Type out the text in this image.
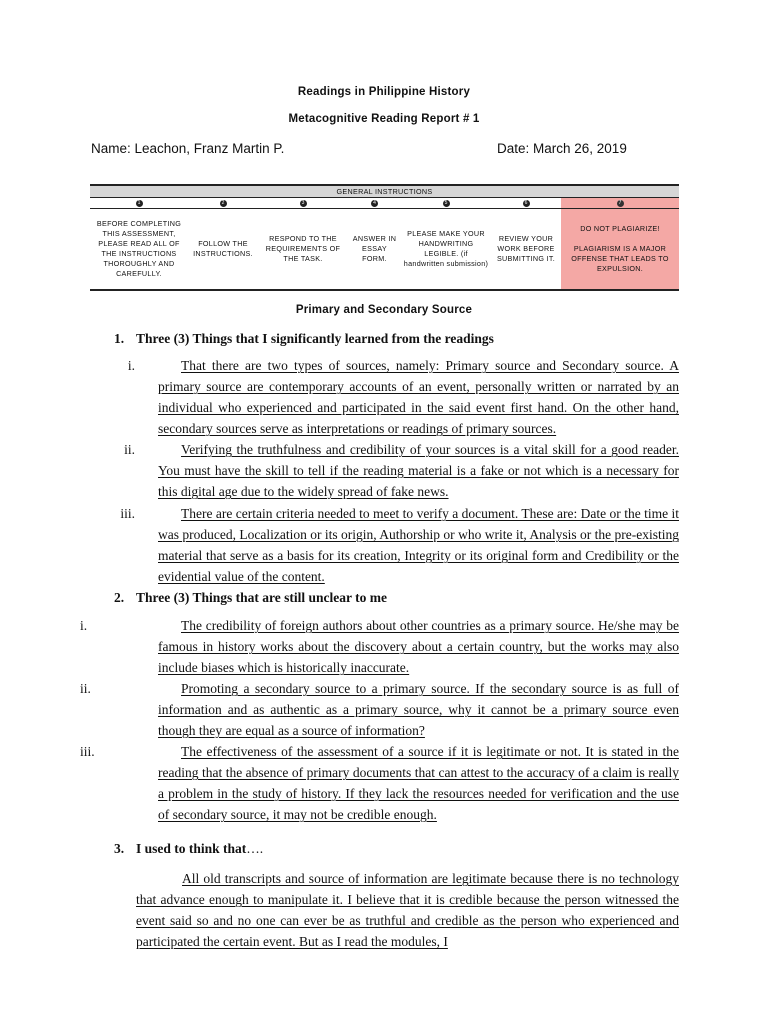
Readings in Philippine History
Metacognitive Reading Report # 1
Name: Leachon, Franz Martin P.	Date: March 26, 2019
GENERAL INSTRUCTIONS						
1	2	3	4	5	6	7
BEFORE COMPLETING THIS ASSESSMENT, PLEASE READ ALL OF THE INSTRUCTIONS THOROUGHLY AND CAREFULLY.	FOLLOW THE INSTRUCTIONS.	RESPOND TO THE REQUIREMENTS OF THE TASK.	ANSWER IN ESSAY FORM.	PLEASE MAKE YOUR HANDWRITING LEGIBLE. (if handwritten submission)	REVIEW YOUR WORK BEFORE SUBMITTING IT.	DO NOT PLAGIARIZE!
PLAGIARISM IS A MAJOR OFFENSE THAT LEADS TO EXPULSION.
Primary and Secondary Source
1. Three (3) Things that I significantly learned from the readings
i.	That there are two types of sources, namely: Primary source and Secondary source. A primary source are contemporary accounts of an event, personally written or narrated by an individual who experienced and participated in the said event first hand. On the other hand, secondary sources serve as interpretations or readings of primary sources.
ii.	Verifying the truthfulness and credibility of your sources is a vital skill for a good reader. You must have the skill to tell if the reading material is a fake or not which is a necessary for this digital age due to the widely spread of fake news.
iii.	There are certain criteria needed to meet to verify a document. These are: Date or the time it was produced, Localization or its origin, Authorship or who write it, Analysis or the pre-existing material that serve as a basis for its creation, Integrity or its original form and Credibility or the evidential value of the content.
2. Three (3) Things that are still unclear to me
i.	The credibility of foreign authors about other countries as a primary source. He/she may be famous in history works about the discovery about a certain country, but the works may also include biases which is historically inaccurate.
ii.	Promoting a secondary source to a primary source. If the secondary source is as full of information and as authentic as a primary source, why it cannot be a primary source even though they are equal as a source of information?
iii.	The effectiveness of the assessment of a source if it is legitimate or not. It is stated in the reading that the absence of primary documents that can attest to the accuracy of a claim is really a problem in the study of history. If they lack the resources needed for verification and the use of secondary source, it may not be credible enough.
3. I used to think that….
All old transcripts and source of information are legitimate because there is no technology that advance enough to manipulate it. I believe that it is credible because the person witnessed the event said so and no one can ever be as truthful and credible as the person who experienced and participated the certain event. But as I read the modules, I
